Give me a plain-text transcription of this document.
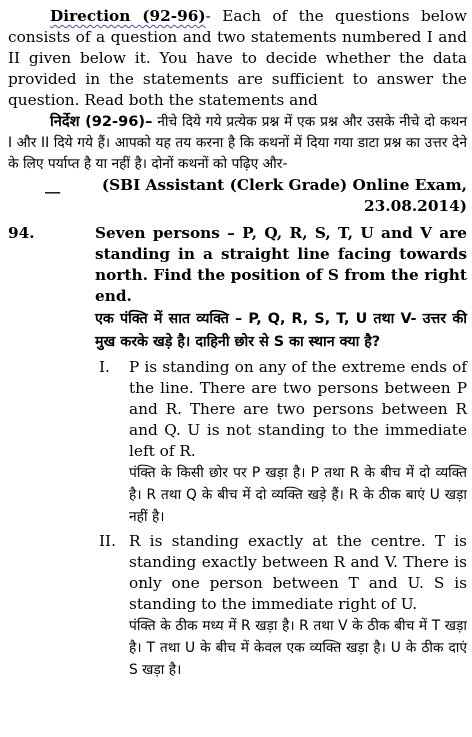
Direction (92-96)- Each of the questions below consists of a question and two statements numbered I and II given below it. You have to decide whether the data provided in the statements are sufficient to answer the question. Read both the statements and

निर्देश (92-96)– नीचे दिये गये प्रत्येक प्रश्न में एक प्रश्न और उसके नीचे दो कथन I और II दिये गये हैं। आपको यह तय करना है कि कथनों में दिया गया डाटा प्रश्न का उत्तर देने के लिए पर्याप्त है या नहीं है। दोनों कथनों को पढ़िए और-

__	(SBI Assistant (Clerk Grade) Online Exam,
23.08.2014)
94.	Seven persons – P, Q, R, S, T, U and V are standing in a straight line facing towards north. Find the position of S from the right end.

एक पंक्ति में सात व्यक्ति – P, Q, R, S, T, U तथा V- उत्तर की मुख करके खड़े है। दाहिनी छोर से S का स्थान क्या है?

I.	P is standing on any of the extreme ends of the line. There are two persons between P and R. There are two persons between R and Q. U is not standing to the immediate left of R.

पंक्ति के किसी छोर पर P खड़ा है। P तथा R के बीच में दो व्यक्ति है। R तथा Q के बीच में दो व्यक्ति खड़े हैं। R के ठीक बाएं U खड़ा नहीं है।

II. R is standing exactly at the centre. T is standing exactly between R and V. There is only one person between T and U. S is standing to the immediate right of U.

पंक्ति के ठीक मध्य में R खड़ा है। R तथा V के ठीक बीच में T खड़ा है। T तथा U के बीच में केवल एक व्यक्ति खड़ा है। U के ठीक दाएं S खड़ा है।
